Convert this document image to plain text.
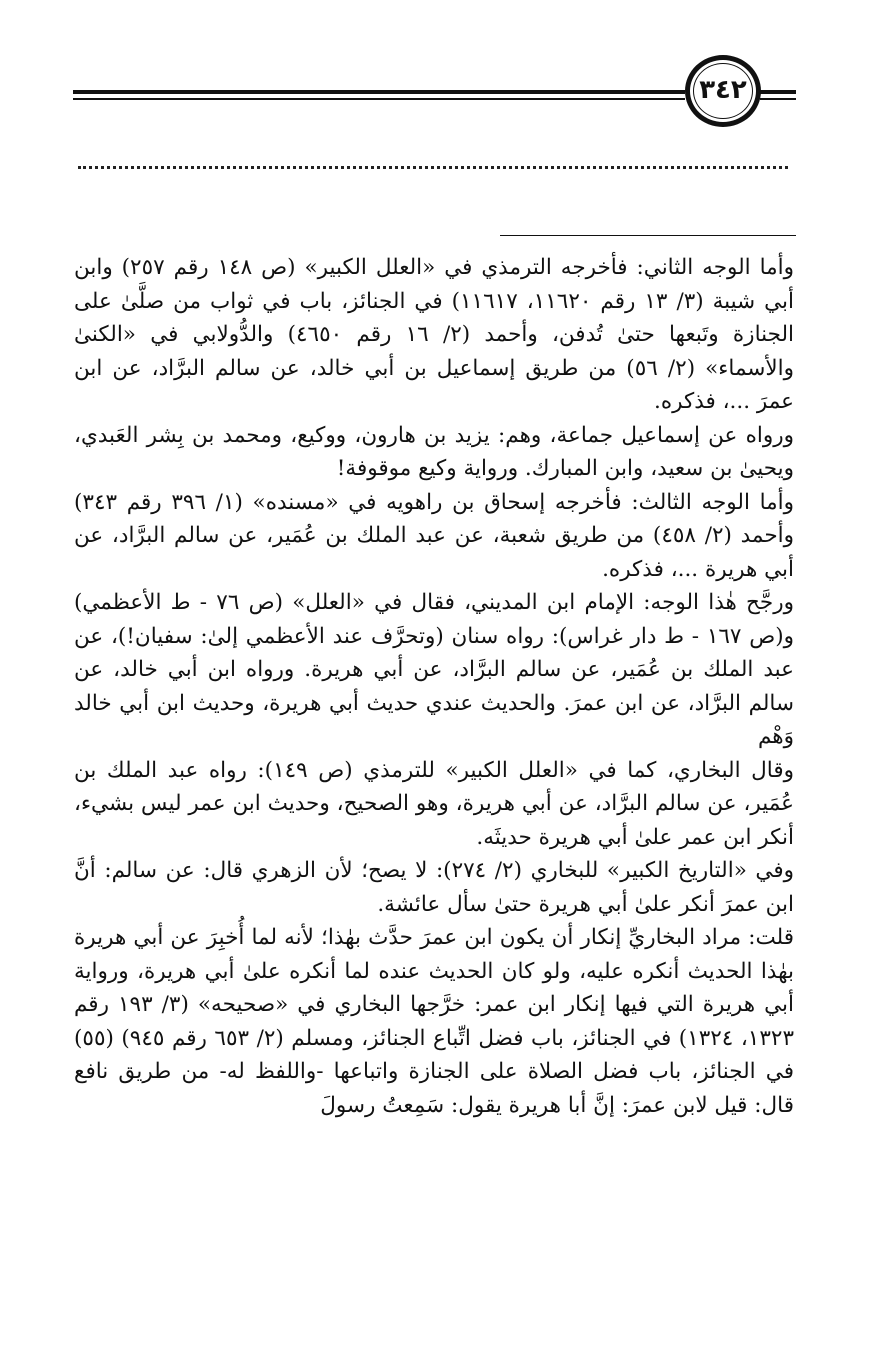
٣٤٢

وأما الوجه الثاني: فأخرجه الترمذي في «العلل الكبير» (ص ١٤٨ رقم ٢٥٧) وابن أبي شيبة (٣/ ١٣ رقم ١١٦٢٠، ١١٦١٧) في الجنائز، باب في ثواب من صلَّىٰ على الجنازة وتَبعها حتىٰ تُدفن، وأحمد (٢/ ١٦ رقم ٤٦٥٠) والدُّولابي في «الكنىٰ والأسماء» (٢/ ٥٦) من طريق إسماعيل بن أبي خالد، عن سالم البرَّاد، عن ابن عمرَ ...، فذكره.

ورواه عن إسماعيل جماعة، وهم: يزيد بن هارون، ووكيع، ومحمد بن بِشر العَبدي، ويحيىٰ بن سعيد، وابن المبارك. ورواية وكيع موقوفة!

وأما الوجه الثالث: فأخرجه إسحاق بن راهويه في «مسنده» (١/ ٣٩٦ رقم ٣٤٣) وأحمد (٢/ ٤٥٨) من طريق شعبة، عن عبد الملك بن عُمَير، عن سالم البرَّاد، عن أبي هريرة ...، فذكره.

ورجَّح هٰذا الوجه: الإمام ابن المديني، فقال في «العلل» (ص ٧٦ - ط الأعظمي) و(ص ١٦٧ - ط دار غراس): رواه سنان (وتحرَّف عند الأعظمي إلىٰ: سفيان!)، عن عبد الملك بن عُمَير، عن سالم البرَّاد، عن أبي هريرة. ورواه ابن أبي خالد، عن سالم البرَّاد، عن ابن عمرَ. والحديث عندي حديث أبي هريرة، وحديث ابن أبي خالد وَهْم

وقال البخاري، كما في «العلل الكبير» للترمذي (ص ١٤٩): رواه عبد الملك بن عُمَير، عن سالم البرَّاد، عن أبي هريرة، وهو الصحيح، وحديث ابن عمر ليس بشيء، أنكر ابن عمر علىٰ أبي هريرة حديثَه.

وفي «التاريخ الكبير» للبخاري (٢/ ٢٧٤): لا يصح؛ لأن الزهري قال: عن سالم: أنَّ ابن عمرَ أنكر علىٰ أبي هريرة حتىٰ سأل عائشة.

قلت: مراد البخاريِّ إنكار أن يكون ابن عمرَ حدَّث بهٰذا؛ لأنه لما أُخبِرَ عن أبي هريرة بهٰذا الحديث أنكره عليه، ولو كان الحديث عنده لما أنكره علىٰ أبي هريرة، ورواية أبي هريرة التي فيها إنكار ابن عمر: خرَّجها البخاري في «صحيحه» (٣/ ١٩٣ رقم ١٣٢٣، ١٣٢٤) في الجنائز، باب فضل اتِّباع الجنائز، ومسلم (٢/ ٦٥٣ رقم ٩٤٥) (٥٥) في الجنائز، باب فضل الصلاة على الجنازة واتباعها -واللفظ له- من طريق نافع قال: قيل لابن عمرَ: إنَّ أبا هريرة يقول: سَمِعتُ رسولَ
